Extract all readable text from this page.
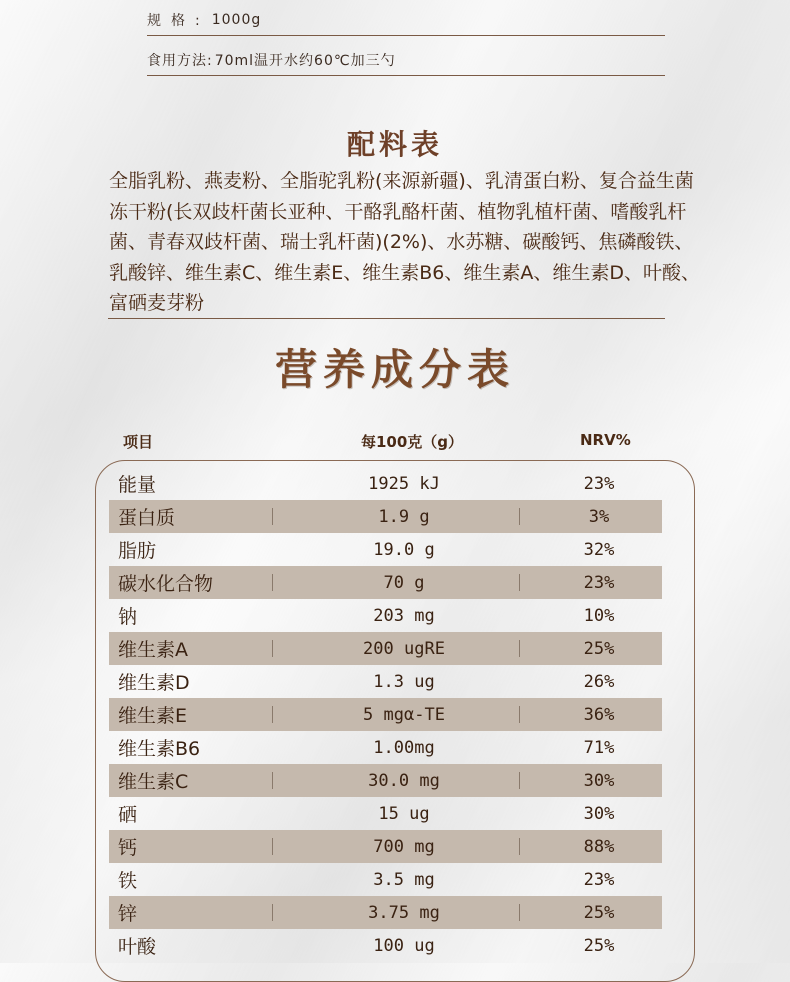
规格: 1000g
食用方法: 70ml温开水约60℃加三勺
配料表
全脂乳粉、燕麦粉、全脂驼乳粉(来源新疆)、乳清蛋白粉、复合益生菌冻干粉(长双歧杆菌长亚种、干酪乳酪杆菌、植物乳植杆菌、嗜酸乳杆菌、青春双歧杆菌、瑞士乳杆菌)(2%)、水苏糖、碳酸钙、焦磷酸铁、乳酸锌、维生素C、维生素E、维生素B6、维生素A、维生素D、叶酸、富硒麦芽粉
营养成分表
项目	每100克（g）	NRV%
能量	1925 kJ	23%
蛋白质	1.9 g	3%
脂肪	19.0 g	32%
碳水化合物	70 g	23%
钠	203 mg	10%
维生素A	200 ugRE	25%
维生素D	1.3 ug	26%
维生素E	5 mgα-TE	36%
维生素B6	1.00mg	71%
维生素C	30.0 mg	30%
硒	15 ug	30%
钙	700 mg	88%
铁	3.5 mg	23%
锌	3.75 mg	25%
叶酸	100 ug	25%
